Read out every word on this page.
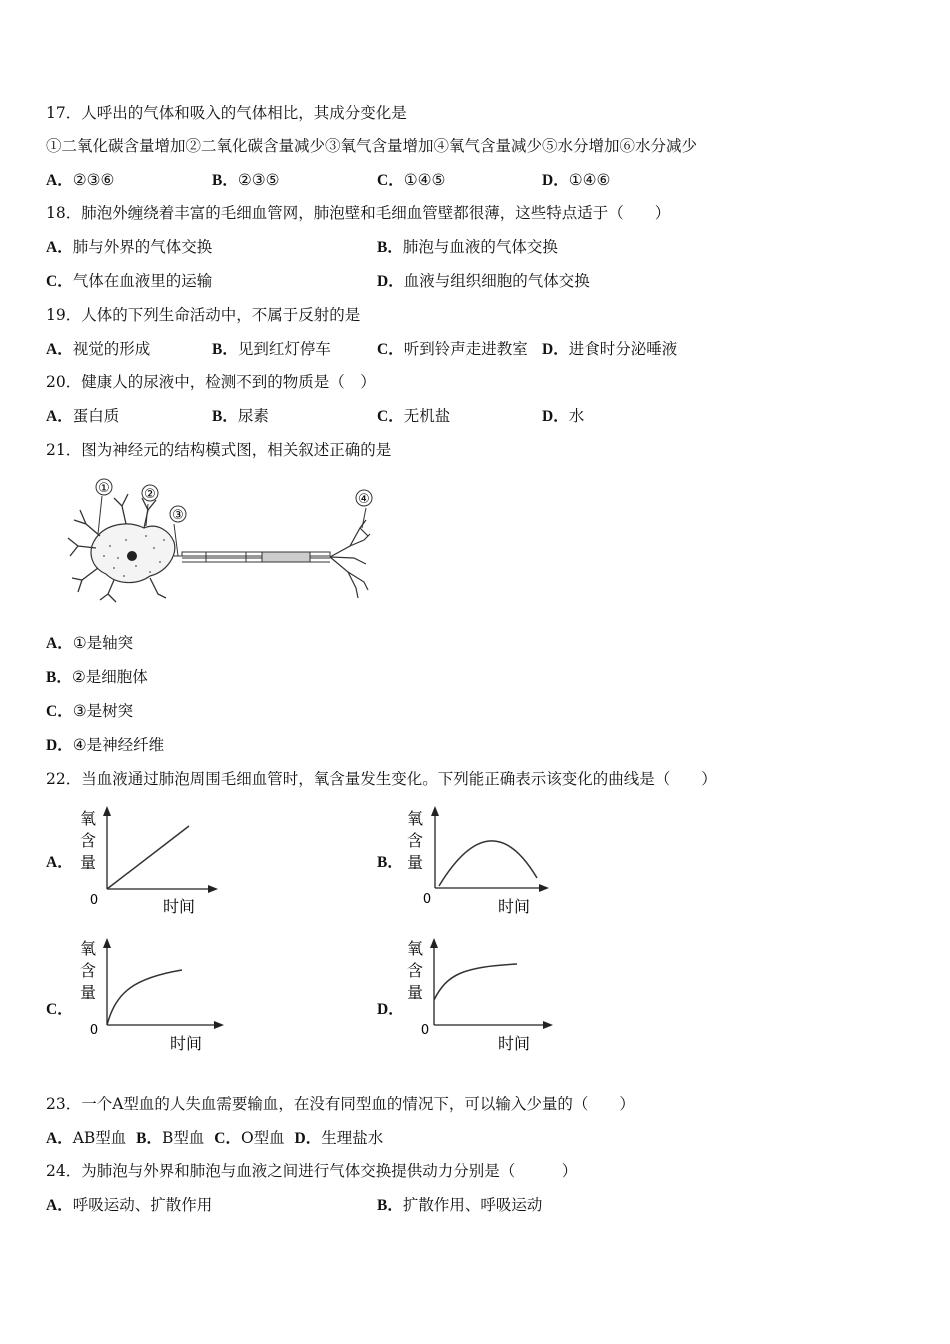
17．人呼出的气体和吸入的气体相比，其成分变化是
①二氧化碳含量增加②二氧化碳含量减少③氧气含量增加④氧气含量减少⑤水分增加⑥水分减少
A．②③⑥	B．②③⑤	C．①④⑤	D．①④⑥
18．肺泡外缠绕着丰富的毛细血管网，肺泡壁和毛细血管壁都很薄，这些特点适于（　　）
A．肺与外界的气体交换	B．肺泡与血液的气体交换
C．气体在血液里的运输	D．血液与组织细胞的气体交换
19．人体的下列生命活动中，不属于反射的是
A．视觉的形成	B．见到红灯停车	C．听到铃声走进教室 D．进食时分泌唾液
20．健康人的尿液中，检测不到的物质是（　）
A．蛋白质	B．尿素	C．无机盐	D．水
21．图为神经元的结构模式图，相关叙述正确的是
①	②
③
④
A．①是轴突
B．②是细胞体
C．③是树突
D．④是神经纤维
22．当血液通过肺泡周围毛细血管时，氧含量发生变化。下列能正确表示该变化的曲线是（　　）
A．	B．
C．	D．
氧
含
量
0	时间
氧
含
量
0	时间
氧
含
量
0
时间
氧
含
量
0
时间
23．一个A型血的人失血需要输血，在没有同型血的情况下，可以输入少量的（　　）
A．AB型血 B．B型血 C．O型血 D．生理盐水
24．为肺泡与外界和肺泡与血液之间进行气体交换提供动力分别是（　　　）
A．呼吸运动、扩散作用	B．扩散作用、呼吸运动
